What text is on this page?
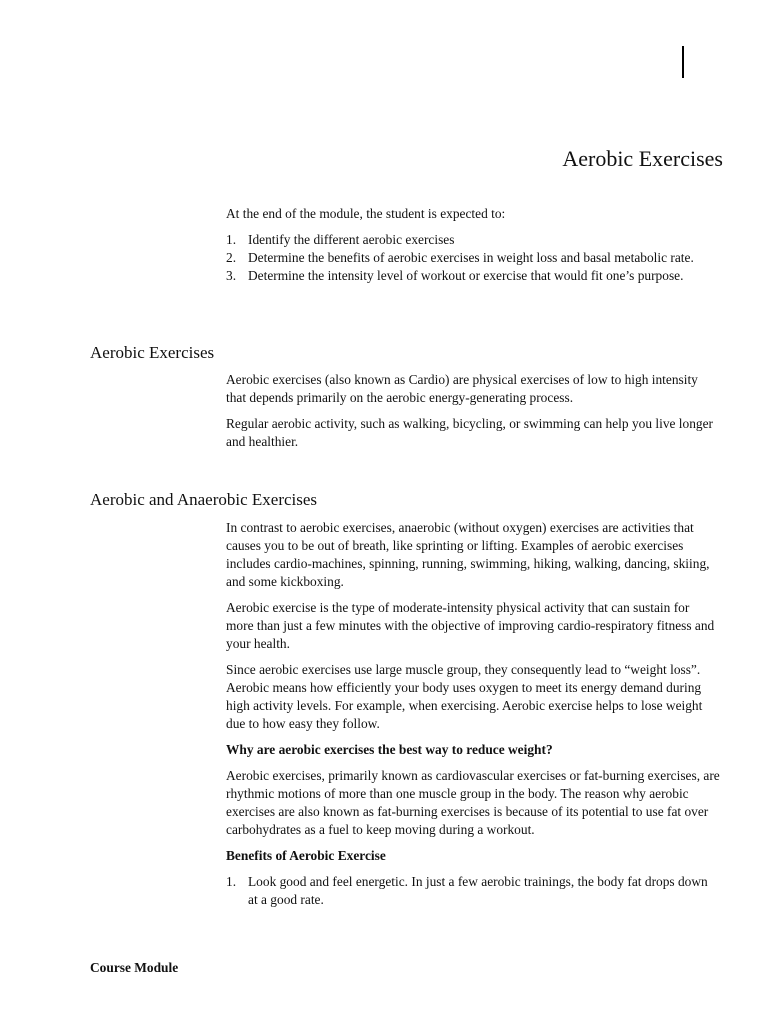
Aerobic Exercises

At the end of the module, the student is expected to:

1. Identify the different aerobic exercises
2. Determine the benefits of aerobic exercises in weight loss and basal metabolic rate.
3. Determine the intensity level of workout or exercise that would fit one’s purpose.
Aerobic Exercises

Aerobic exercises (also known as Cardio) are physical exercises of low to high intensity that depends primarily on the aerobic energy-generating process.

Regular aerobic activity, such as walking, bicycling, or swimming can help you live longer and healthier.

Aerobic and Anaerobic Exercises

In contrast to aerobic exercises, anaerobic (without oxygen) exercises are activities that causes you to be out of breath, like sprinting or lifting. Examples of aerobic exercises includes cardio-machines, spinning, running, swimming, hiking, walking, dancing, skiing, and some kickboxing.

Aerobic exercise is the type of moderate-intensity physical activity that can sustain for more than just a few minutes with the objective of improving cardio-respiratory fitness and your health.

Since aerobic exercises use large muscle group, they consequently lead to “weight loss”. Aerobic means how efficiently your body uses oxygen to meet its energy demand during high activity levels. For example, when exercising. Aerobic exercise helps to lose weight due to how easy they follow.

Why are aerobic exercises the best way to reduce weight?

Aerobic exercises, primarily known as cardiovascular exercises or fat-burning exercises, are rhythmic motions of more than one muscle group in the body. The reason why aerobic exercises are also known as fat-burning exercises is because of its potential to use fat over carbohydrates as a fuel to keep moving during a workout.

Benefits of Aerobic Exercise

1. Look good and feel energetic. In just a few aerobic trainings, the body fat drops down at a good rate.
Course Module
